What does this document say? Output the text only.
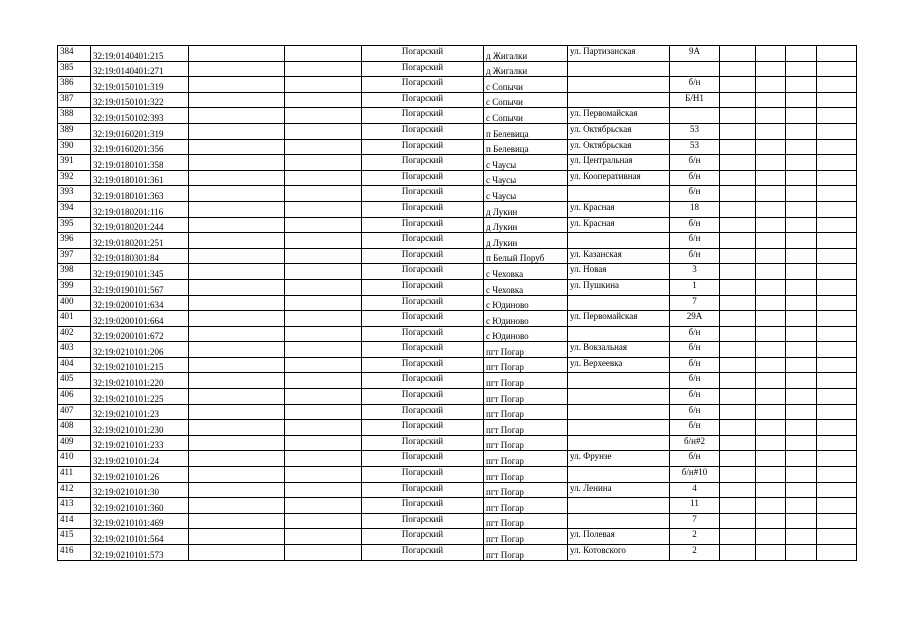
384	32:19:0140401:215			Погарский	д Жигалки	ул. Партизанская	9А				
385	32:19:0140401:271			Погарский	д Жигалки						
386	32:19:0150101:319			Погарский	с Сопычи		б/н				
387	32:19:0150101:322			Погарский	с Сопычи		Б/Н1				
388	32:19:0150102:393			Погарский	с Сопычи	ул. Первомайская					
389	32:19:0160201:319			Погарский	п Белевица	ул. Октябрьская	53				
390	32:19:0160201:356			Погарский	п Белевица	ул. Октябрьская	53				
391	32:19:0180101:358			Погарский	с Чаусы	ул. Центральная	б/н				
392	32:19:0180101:361			Погарский	с Чаусы	ул. Кооперативная	б/н				
393	32:19:0180101:363			Погарский	с Чаусы		б/н				
394	32:19:0180201:116			Погарский	д Лукин	ул. Красная	18				
395	32:19:0180201:244			Погарский	д Лукин	ул. Красная	б/н				
396	32:19:0180201:251			Погарский	д Лукин		б/н				
397	32:19:0180301:84			Погарский	п Белый Поруб	ул. Казанская	б/н				
398	32:19:0190101:345			Погарский	с Чеховка	ул. Новая	3				
399	32:19:0190101:567			Погарский	с Чеховка	ул. Пушкина	1				
400	32:19:0200101:634			Погарский	с Юдиново		7				
401	32:19:0200101:664			Погарский	с Юдиново	ул. Первомайская	29А				
402	32:19:0200101:672			Погарский	с Юдиново		б/н				
403	32:19:0210101:206			Погарский	пгт Погар	ул. Вокзальная	б/н				
404	32:19:0210101:215			Погарский	пгт Погар	ул. Верхеевка	б/н				
405	32:19:0210101:220			Погарский	пгт Погар		б/н				
406	32:19:0210101:225			Погарский	пгт Погар		б/н				
407	32:19:0210101:23			Погарский	пгт Погар		б/н				
408	32:19:0210101:230			Погарский	пгт Погар		б/н				
409	32:19:0210101:233			Погарский	пгт Погар		б/н#2				
410	32:19:0210101:24			Погарский	пгт Погар	ул. Фрунзе	б/н				
411	32:19:0210101:26			Погарский	пгт Погар		б/н#10				
412	32:19:0210101:30			Погарский	пгт Погар	ул. Ленина	4				
413	32:19:0210101:360			Погарский	пгт Погар		11				
414	32:19:0210101:469			Погарский	пгт Погар		7				
415	32:19:0210101:564			Погарский	пгт Погар	ул. Полевая	2				
416	32:19:0210101:573			Погарский	пгт Погар	ул. Котовского	2				
